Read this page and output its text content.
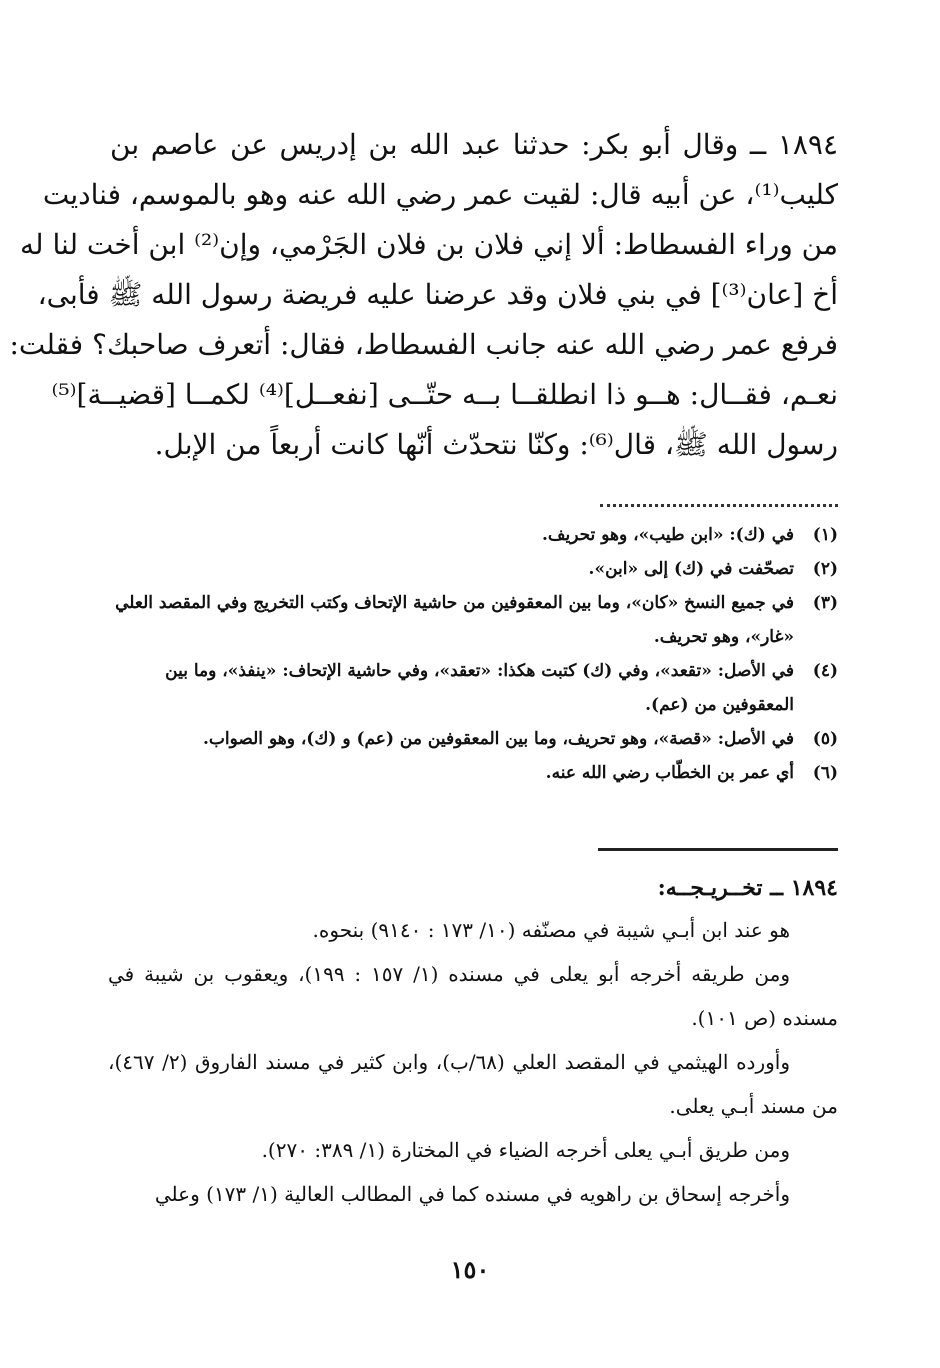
١٨٩٤ ــ وقال أبو بكر: حدثنا عبد الله بن إدريس عن عاصم بن
كليب⁽¹⁾، عن أبيه قال: لقيت عمر رضي الله عنه وهو بالموسم، فناديت
من وراء الفسطاط: ألا إني فلان بن فلان الجَرْمي، وإن⁽²⁾ ابن أخت لنا له
أخ [عان⁽³⁾] في بني فلان وقد عرضنا عليه فريضة رسول الله ﷺ فأبى،
فرفع عمر رضي الله عنه جانب الفسطاط، فقال: أتعرف صاحبك؟ فقلت:
نعـم، فقــال: هــو ذا انطلقــا بــه حتّــى [نفعــل]⁽⁴⁾ لكمــا [قضيــة]⁽⁵⁾
رسول الله ﷺ، قال⁽⁶⁾: وكنّا نتحدّث أنّها كانت أربعاً من الإبل.
(١)
في (ك): «ابن طيب»، وهو تحريف.
(٢)
تصحّفت في (ك) إلى «ابن».
(٣)
في جميع النسخ «كان»، وما بين المعقوفين من حاشية الإتحاف وكتب التخريج وفي المقصد العلي «غار»، وهو تحريف.
(٤)
في الأصل: «تقعد»، وفي (ك) كتبت هكذا: «تعقد»، وفي حاشية الإتحاف: «ينفذ»، وما بين المعقوفين من (عم).
(٥)
في الأصل: «قصة»، وهو تحريف، وما بين المعقوفين من (عم) و (ك)، وهو الصواب.
(٦)
أي عمر بن الخطّاب رضي الله عنه.
١٨٩٤ ــ تخــريـجــه:
هو عند ابن أبـي شيبة في مصنّفه (١٠/ ١٧٣ : ٩١٤٠) بنحوه.
ومن طريقه أخرجه أبو يعلى في مسنده (١/ ١٥٧ : ١٩٩)، ويعقوب بن شيبة في مسنده (ص ١٠١).
وأورده الهيثمي في المقصد العلي (٦٨/ب)، وابن كثير في مسند الفاروق (٢/ ٤٦٧)، من مسند أبـي يعلى.
ومن طريق أبـي يعلى أخرجه الضياء في المختارة (١/ ٣٨٩: ٢٧٠).
وأخرجه إسحاق بن راهويه في مسنده كما في المطالب العالية (١/ ١٧٣) وعلي
١٥٠
